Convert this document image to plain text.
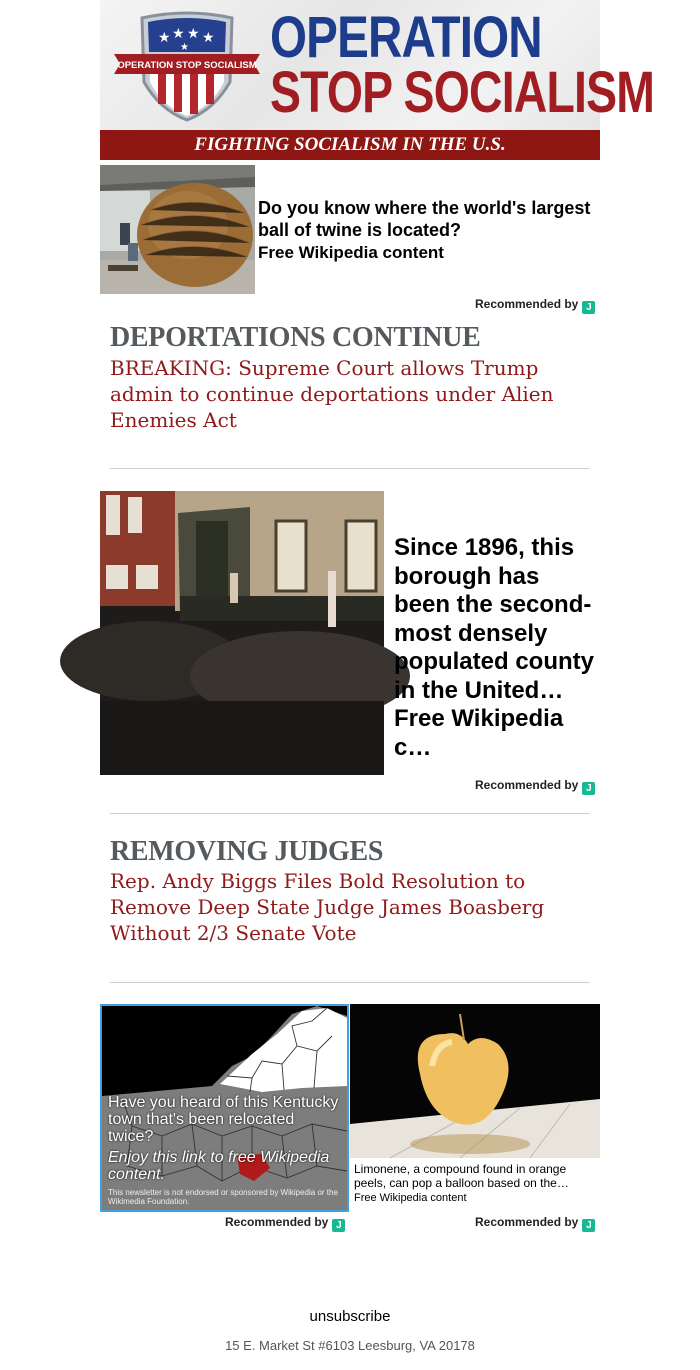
★ ★ ★ ★
★
OPERATION STOP SOCIALISM OPERATION
STOP SOCIALISM
FIGHTING SOCIALISM IN THE U.S.
Do you know where the world's largest ball of twine is located?
Free Wikipedia content
Recommended by J
DEPORTATIONS CONTINUE
BREAKING: Supreme Court allows Trump admin to continue deportations under Alien Enemies Act
Since 1896, this borough has been the second-most densely populated county in the United…
Free Wikipedia c…
Recommended by J
REMOVING JUDGES
Rep. Andy Biggs Files Bold Resolution to Remove Deep State Judge James Boasberg Without 2/3 Senate Vote
Have you heard of this Kentucky town that's been relocated twice?
Enjoy this link to free Wikipedia content.
This newsletter is not endorsed or sponsored by Wikipedia or the Wikimedia Foundation.
Recommended by J
Limonene, a compound found in orange peels, can pop a balloon based on the…
Free Wikipedia content
Recommended by J
unsubscribe
15 E. Market St #6103 Leesburg, VA 20178
